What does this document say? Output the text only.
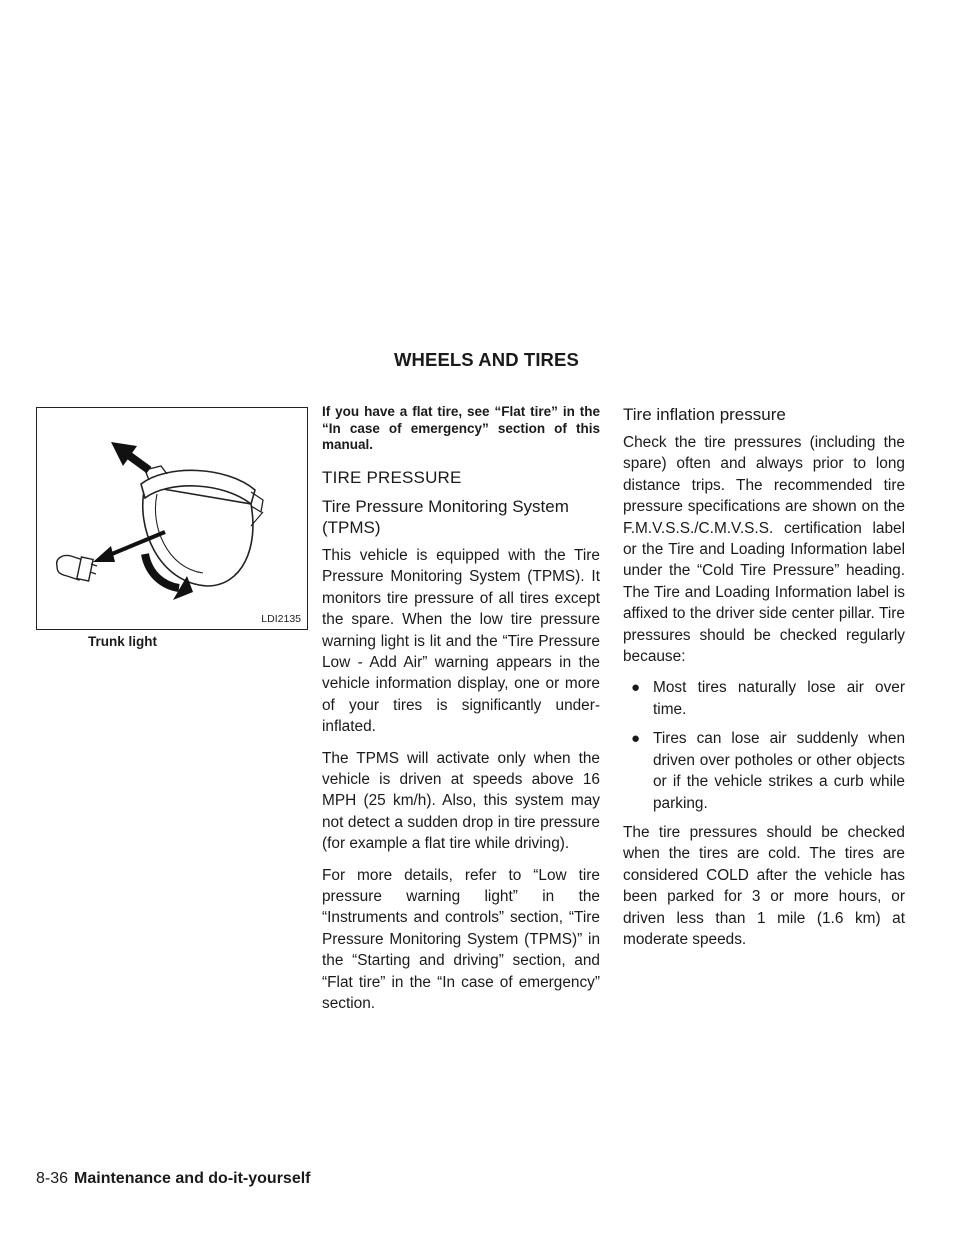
WHEELS AND TIRES
LDI2135
Trunk light

If you have a flat tire, see “Flat tire” in the “In case of emergency” section of this manual.

TIRE PRESSURE
Tire Pressure Monitoring System (TPMS)

This vehicle is equipped with the Tire Pressure Monitoring System (TPMS). It monitors tire pressure of all tires except the spare. When the low tire pressure warning light is lit and the “Tire Pressure Low - Add Air” warning appears in the vehicle information display, one or more of your tires is significantly under-inflated.

The TPMS will activate only when the vehicle is driven at speeds above 16 MPH (25 km/h). Also, this system may not detect a sudden drop in tire pressure (for example a flat tire while driving).

For more details, refer to “Low tire pressure warning light” in the “Instruments and controls” section, “Tire Pressure Monitoring System (TPMS)” in the “Starting and driving” section, and “Flat tire” in the “In case of emergency” section.

Tire inflation pressure

Check the tire pressures (including the spare) often and always prior to long distance trips. The recommended tire pressure specifications are shown on the F.M.V.S.S./C.M.V.S.S. certification label or the Tire and Loading Information label under the “Cold Tire Pressure” heading. The Tire and Loading Information label is affixed to the driver side center pillar. Tire pressures should be checked regularly because:

● Most tires naturally lose air over time.
● Tires can lose air suddenly when driven over potholes or other objects or if the vehicle strikes a curb while parking.

The tire pressures should be checked when the tires are cold. The tires are considered COLD after the vehicle has been parked for 3 or more hours, or driven less than 1 mile (1.6 km) at moderate speeds.

8-36 Maintenance and do-it-yourself
